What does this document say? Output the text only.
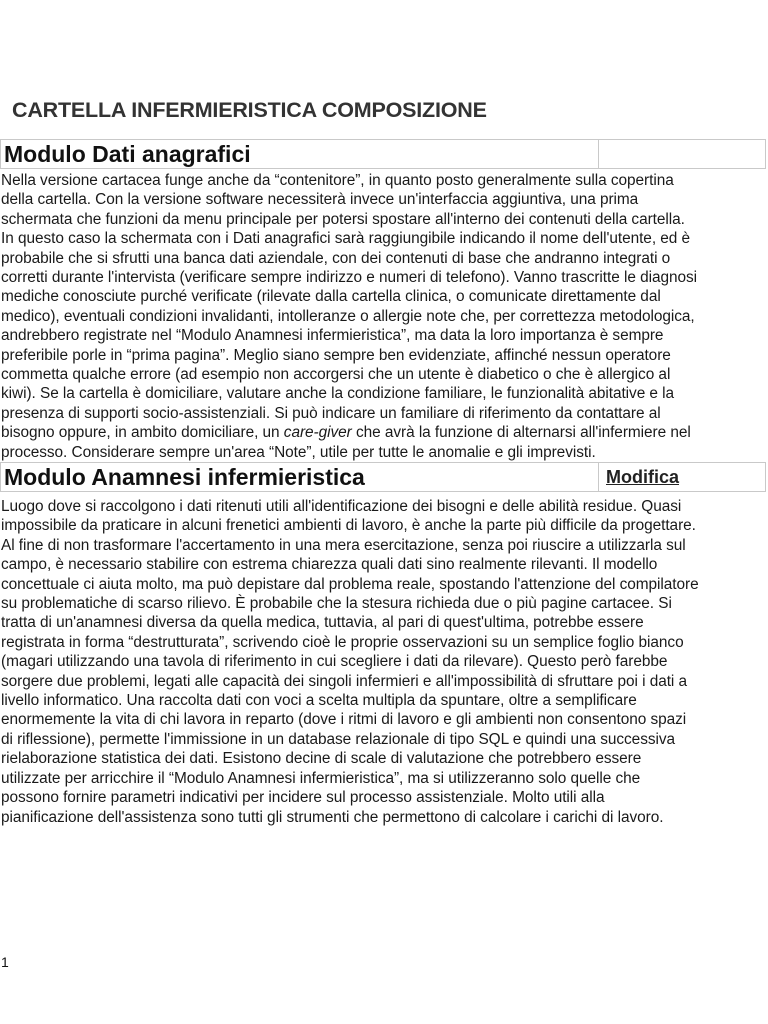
CARTELLA INFERMIERISTICA COMPOSIZIONE
Modulo Dati anagrafici
Nella versione cartacea funge anche da “contenitore”, in quanto posto generalmente sulla copertina
della cartella. Con la versione software necessiterà invece un'interfaccia aggiuntiva, una prima
schermata che funzioni da menu principale per potersi spostare all'interno dei contenuti della cartella.
In questo caso la schermata con i Dati anagrafici sarà raggiungibile indicando il nome dell'utente, ed è
probabile che si sfrutti una banca dati aziendale, con dei contenuti di base che andranno integrati o
corretti durante l'intervista (verificare sempre indirizzo e numeri di telefono). Vanno trascritte le diagnosi
mediche conosciute purché verificate (rilevate dalla cartella clinica, o comunicate direttamente dal
medico), eventuali condizioni invalidanti, intolleranze o allergie note che, per correttezza metodologica,
andrebbero registrate nel “Modulo Anamnesi infermieristica”, ma data la loro importanza è sempre
preferibile porle in “prima pagina”. Meglio siano sempre ben evidenziate, affinché nessun operatore
commetta qualche errore (ad esempio non accorgersi che un utente è diabetico o che è allergico al
kiwi). Se la cartella è domiciliare, valutare anche la condizione familiare, le funzionalità abitative e la
presenza di supporti socio-assistenziali. Si può indicare un familiare di riferimento da contattare al
bisogno oppure, in ambito domiciliare, un care-giver che avrà la funzione di alternarsi all'infermiere nel
processo. Considerare sempre un'area “Note”, utile per tutte le anomalie e gli imprevisti.
Modulo Anamnesi infermieristica	Modifica
Luogo dove si raccolgono i dati ritenuti utili all'identificazione dei bisogni e delle abilità residue. Quasi
impossibile da praticare in alcuni frenetici ambienti di lavoro, è anche la parte più difficile da progettare.
Al fine di non trasformare l'accertamento in una mera esercitazione, senza poi riuscire a utilizzarla sul
campo, è necessario stabilire con estrema chiarezza quali dati sino realmente rilevanti. Il modello
concettuale ci aiuta molto, ma può depistare dal problema reale, spostando l'attenzione del compilatore
su problematiche di scarso rilievo. È probabile che la stesura richieda due o più pagine cartacee. Si
tratta di un'anamnesi diversa da quella medica, tuttavia, al pari di quest'ultima, potrebbe essere
registrata in forma “destrutturata”, scrivendo cioè le proprie osservazioni su un semplice foglio bianco
(magari utilizzando una tavola di riferimento in cui scegliere i dati da rilevare). Questo però farebbe
sorgere due problemi, legati alle capacità dei singoli infermieri e all'impossibilità di sfruttare poi i dati a
livello informatico. Una raccolta dati con voci a scelta multipla da spuntare, oltre a semplificare
enormemente la vita di chi lavora in reparto (dove i ritmi di lavoro e gli ambienti non consentono spazi
di riflessione), permette l'immissione in un database relazionale di tipo SQL e quindi una successiva
rielaborazione statistica dei dati. Esistono decine di scale di valutazione che potrebbero essere
utilizzate per arricchire il “Modulo Anamnesi infermieristica”, ma si utilizzeranno solo quelle che
possono fornire parametri indicativi per incidere sul processo assistenziale. Molto utili alla
pianificazione dell'assistenza sono tutti gli strumenti che permettono di calcolare i carichi di lavoro.
1
